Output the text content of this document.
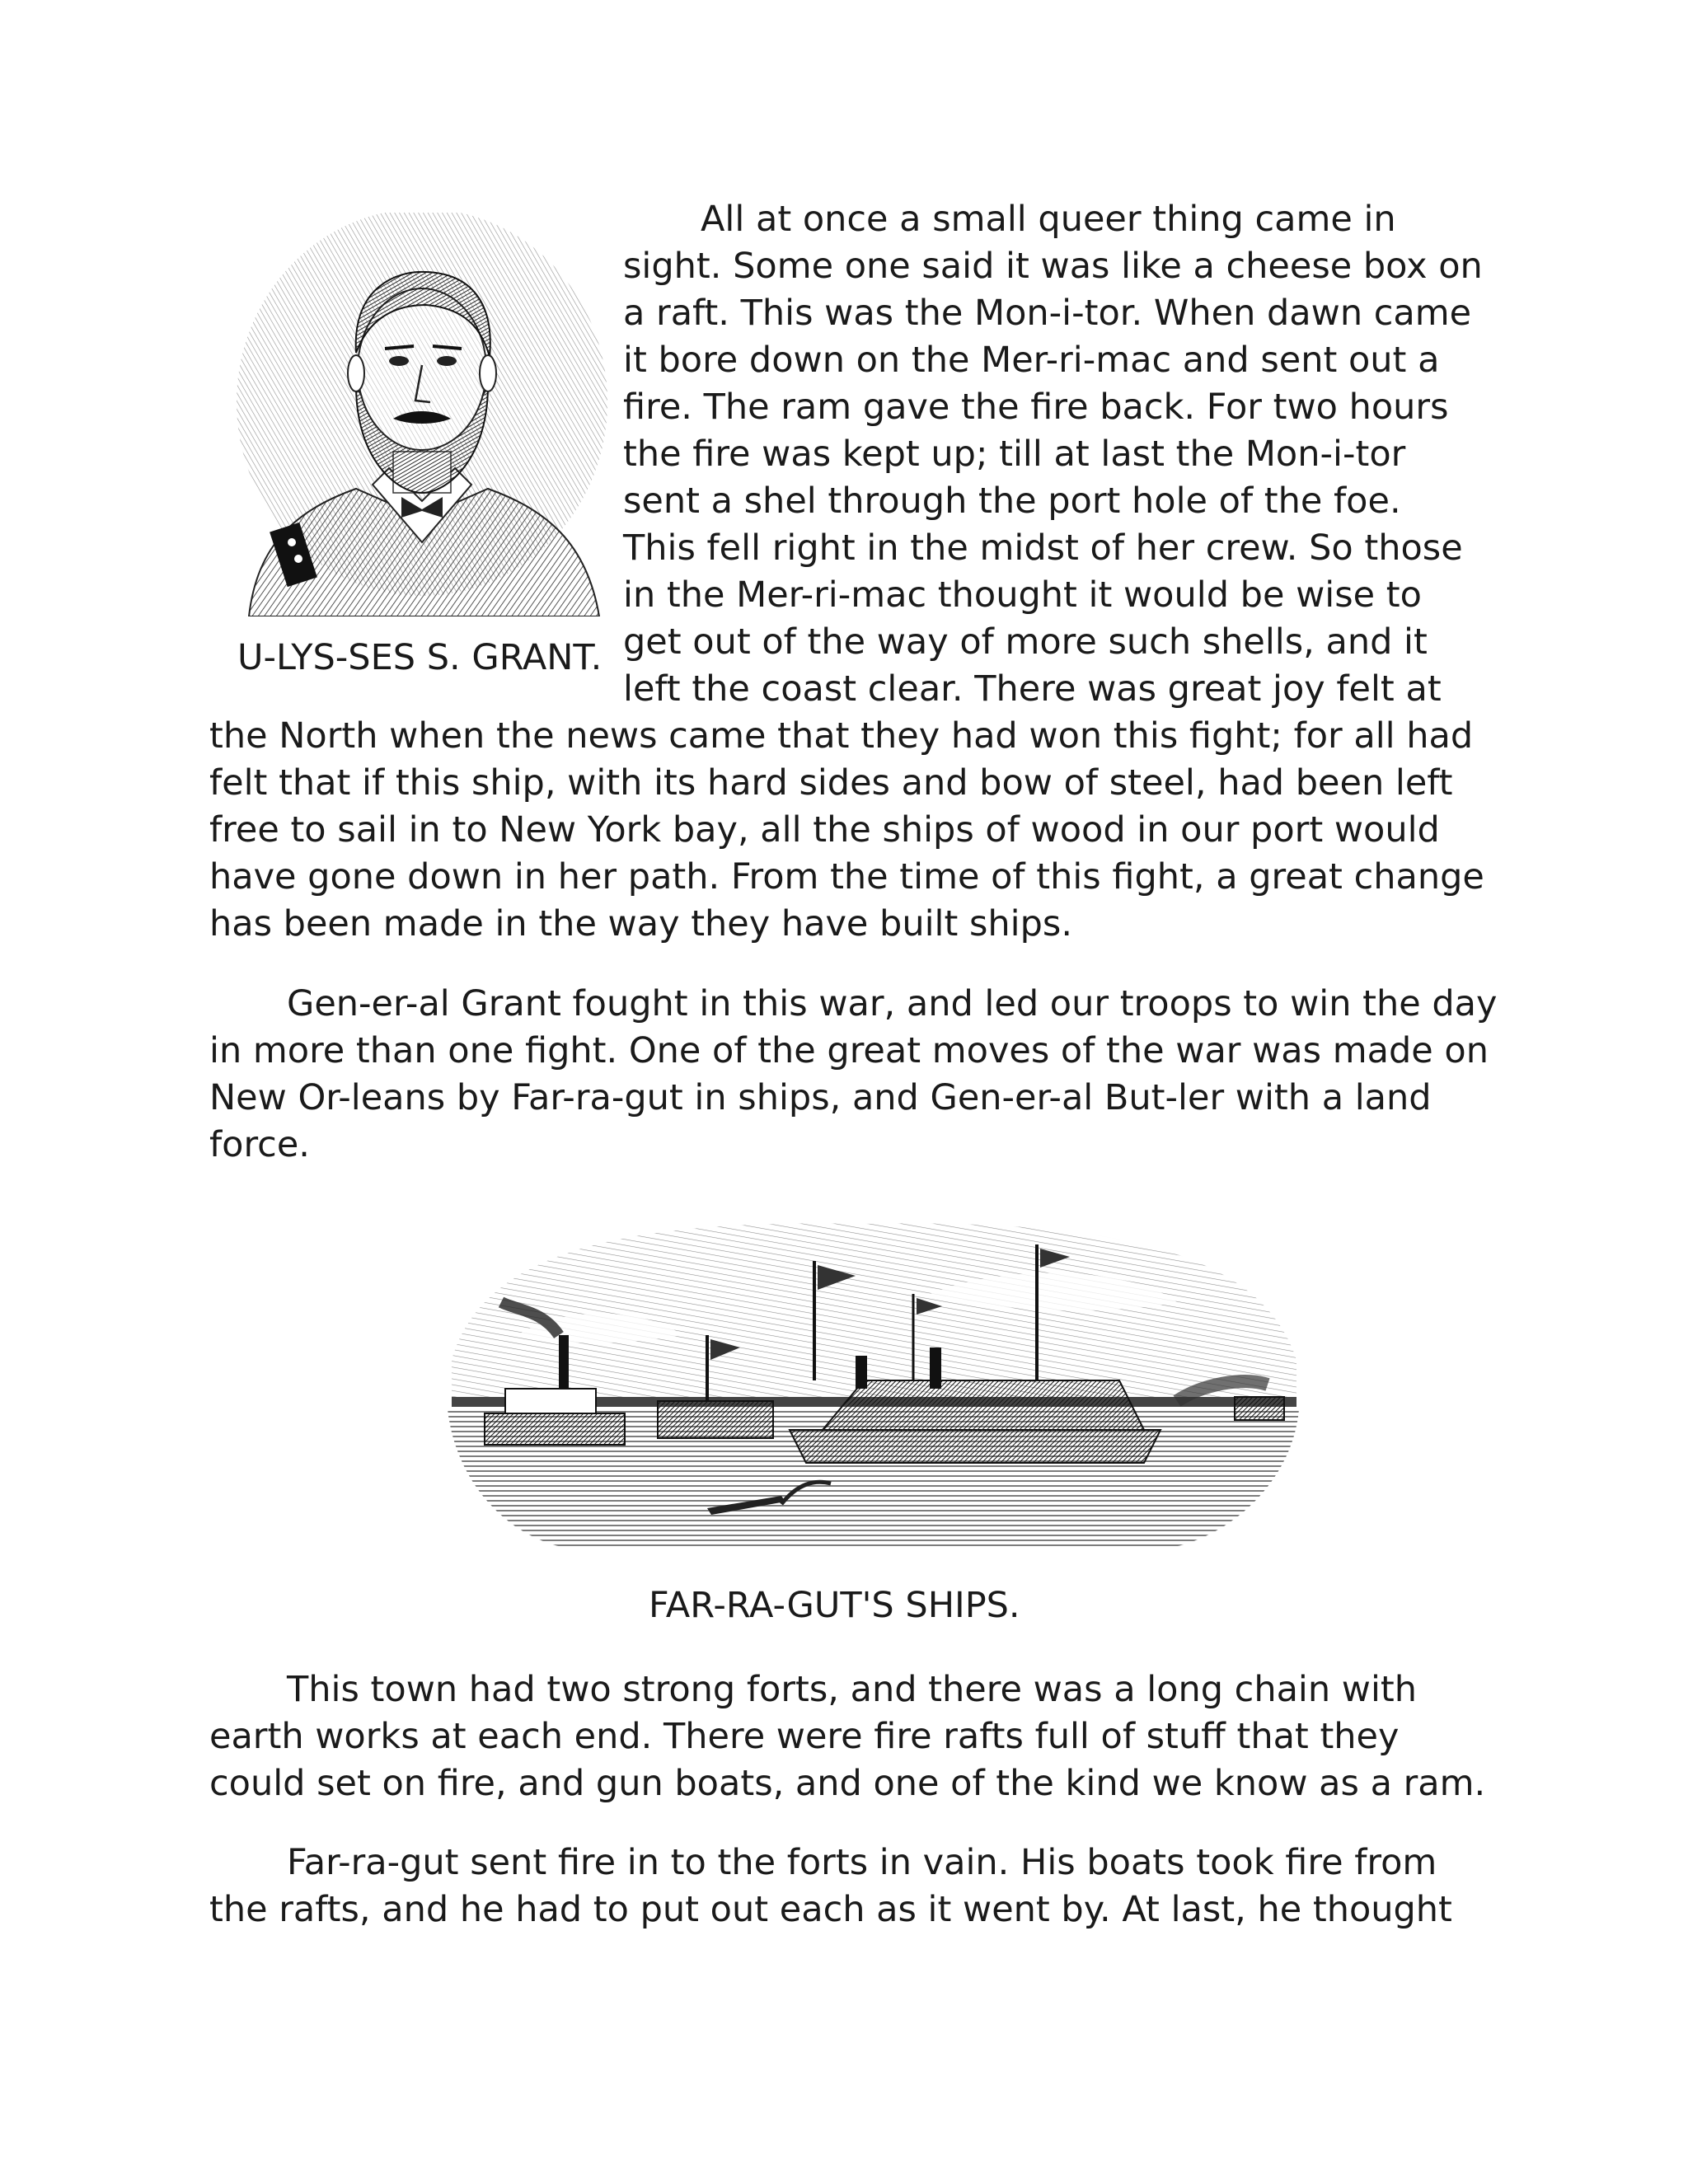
U-LYS-SES S. GRANT.
All at once a small queer thing came in
sight. Some one said it was like a cheese box on
a raft. This was the Mon-i-tor. When dawn came
it bore down on the Mer-ri-mac and sent out a
fire. The ram gave the fire back. For two hours
the fire was kept up; till at last the Mon-i-tor
sent a shel through the port hole of the foe.
This fell right in the midst of her crew. So those
in the Mer-ri-mac thought it would be wise to
get out of the way of more such shells, and it
left the coast clear. There was great joy felt at
the North when the news came that they had won this fight; for all had
felt that if this ship, with its hard sides and bow of steel, had been left
free to sail in to New York bay, all the ships of wood in our port would
have gone down in her path. From the time of this fight, a great change
has been made in the way they have built ships.
Gen-er-al Grant fought in this war, and led our troops to win the day
in more than one fight. One of the great moves of the war was made on
New Or-leans by Far-ra-gut in ships, and Gen-er-al But-ler with a land
force.
FAR-RA-GUT'S SHIPS.
This town had two strong forts, and there was a long chain with
earth works at each end. There were fire rafts full of stuff that they
could set on fire, and gun boats, and one of the kind we know as a ram.
Far-ra-gut sent fire in to the forts in vain. His boats took fire from
the rafts, and he had to put out each as it went by. At last, he thought
